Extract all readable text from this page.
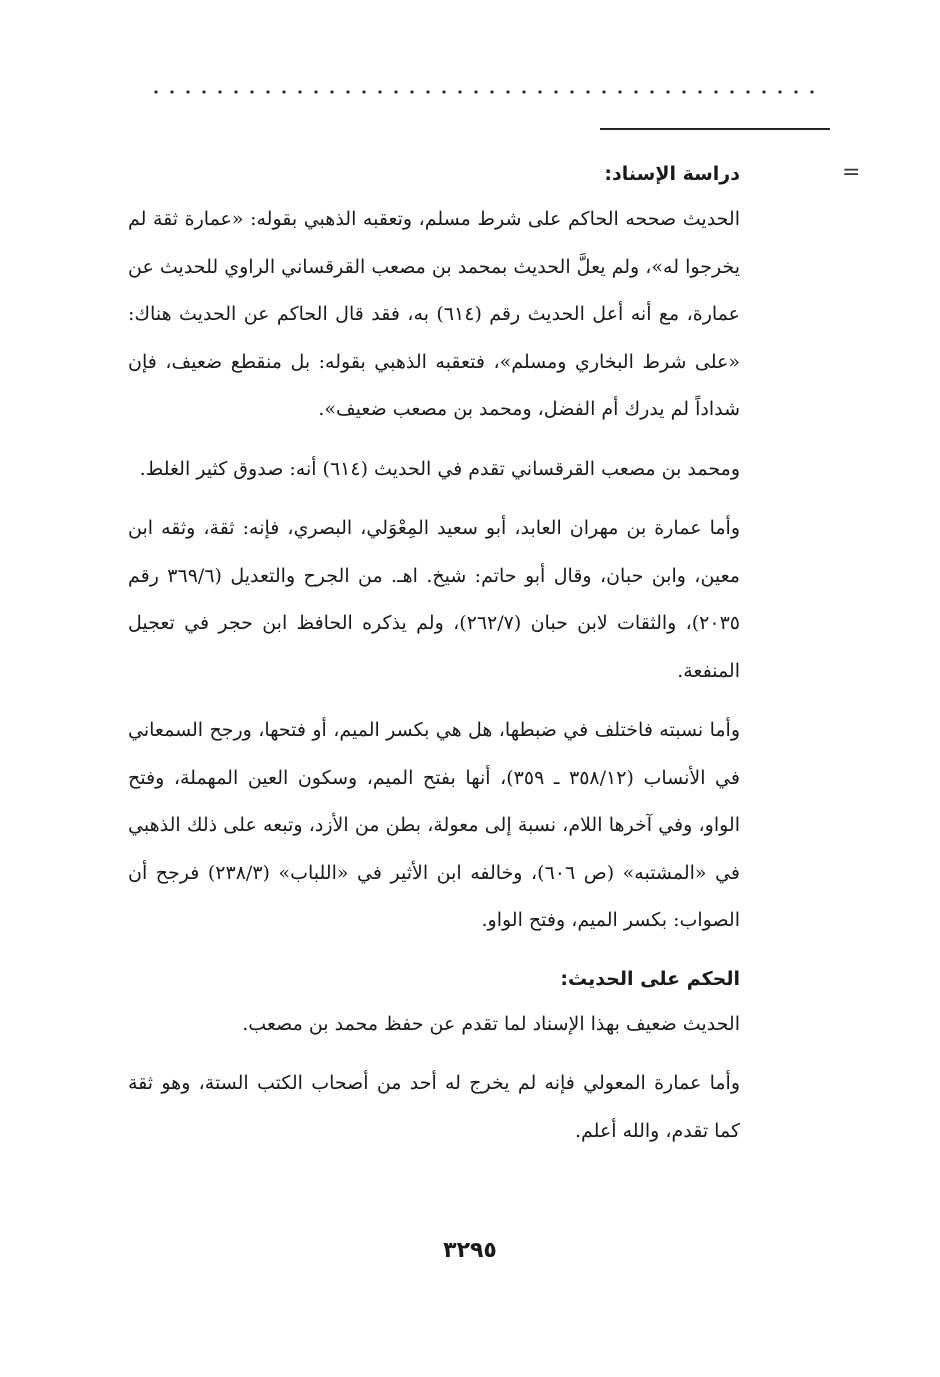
=
دراسة الإسناد:

الحديث صححه الحاكم على شرط مسلم، وتعقبه الذهبي بقوله: «عمارة ثقة لم يخرجوا له»، ولم يعلَّ الحديث بمحمد بن مصعب القرقساني الراوي للحديث عن عمارة، مع أنه أعل الحديث رقم (٦١٤) به، فقد قال الحاكم عن الحديث هناك: «على شرط البخاري ومسلم»، فتعقبه الذهبي بقوله: بل منقطع ضعيف، فإن شداداً لم يدرك أم الفضل، ومحمد بن مصعب ضعيف».

ومحمد بن مصعب القرقساني تقدم في الحديث (٦١٤) أنه: صدوق كثير الغلط.

وأما عمارة بن مهران العابد، أبو سعيد المِعْوَلي، البصري، فإنه: ثقة، وثقه ابن معين، وابن حبان، وقال أبو حاتم: شيخ. اهـ. من الجرح والتعديل (٣٦٩/٦ رقم ٢٠٣٥)، والثقات لابن حبان (٢٦٢/٧)، ولم يذكره الحافظ ابن حجر في تعجيل المنفعة.

وأما نسبته فاختلف في ضبطها، هل هي بكسر الميم، أو فتحها، ورجح السمعاني في الأنساب (٣٥٨/١٢ ـ ٣٥٩)، أنها بفتح الميم، وسكون العين المهملة، وفتح الواو، وفي آخرها اللام، نسبة إلى معولة، بطن من الأزد، وتبعه على ذلك الذهبي في «المشتبه» (ص ٦٠٦)، وخالفه ابن الأثير في «اللباب» (٢٣٨/٣) فرجح أن الصواب: بكسر الميم، وفتح الواو.

الحكم على الحديث:

الحديث ضعيف بهذا الإسناد لما تقدم عن حفظ محمد بن مصعب.

وأما عمارة المعولي فإنه لم يخرج له أحد من أصحاب الكتب الستة، وهو ثقة كما تقدم، والله أعلم.

٣٢٩٥
